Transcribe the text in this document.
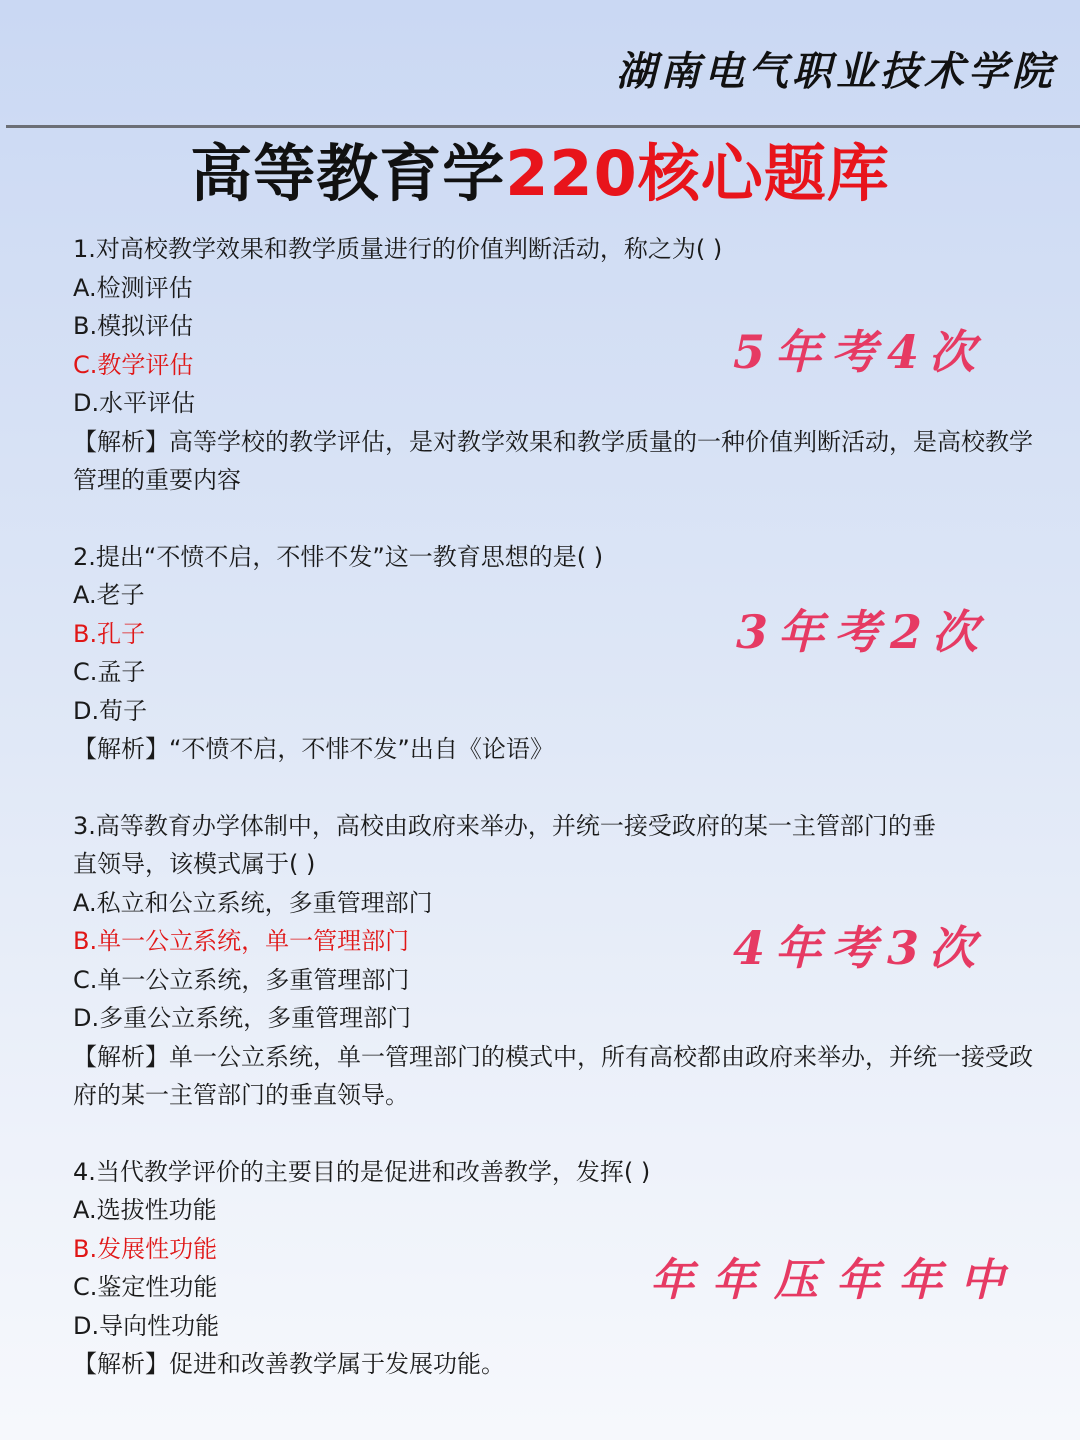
湖南电气职业技术学院
高等教育学220核心题库
1.对高校教学效果和教学质量进行的价值判断活动，称之为( )
A.检测评估
B.模拟评估
C.教学评估
D.水平评估
【解析】高等学校的教学评估，是对教学效果和教学质量的一种价值判断活动，是高校教学管理的重要内容
2.提出“不愤不启，不悱不发”这一教育思想的是( )
A.老子
B.孔子
C.孟子
D.荀子
【解析】“不愤不启，不悱不发”出自《论语》
3.高等教育办学体制中，高校由政府来举办，并统一接受政府的某一主管部门的垂
直领导，该模式属于( )
A.私立和公立系统，多重管理部门
B.单一公立系统，单一管理部门
C.单一公立系统，多重管理部门
D.多重公立系统，多重管理部门
【解析】单一公立系统，单一管理部门的模式中，所有高校都由政府来举办，并统一接受政府的某一主管部门的垂直领导。
4.当代教学评价的主要目的是促进和改善教学，发挥( )
A.选拔性功能
B.发展性功能
C.鉴定性功能
D.导向性功能
【解析】促进和改善教学属于发展功能。
5年考4次
3年考2次
4年考3次
年年压年年中
